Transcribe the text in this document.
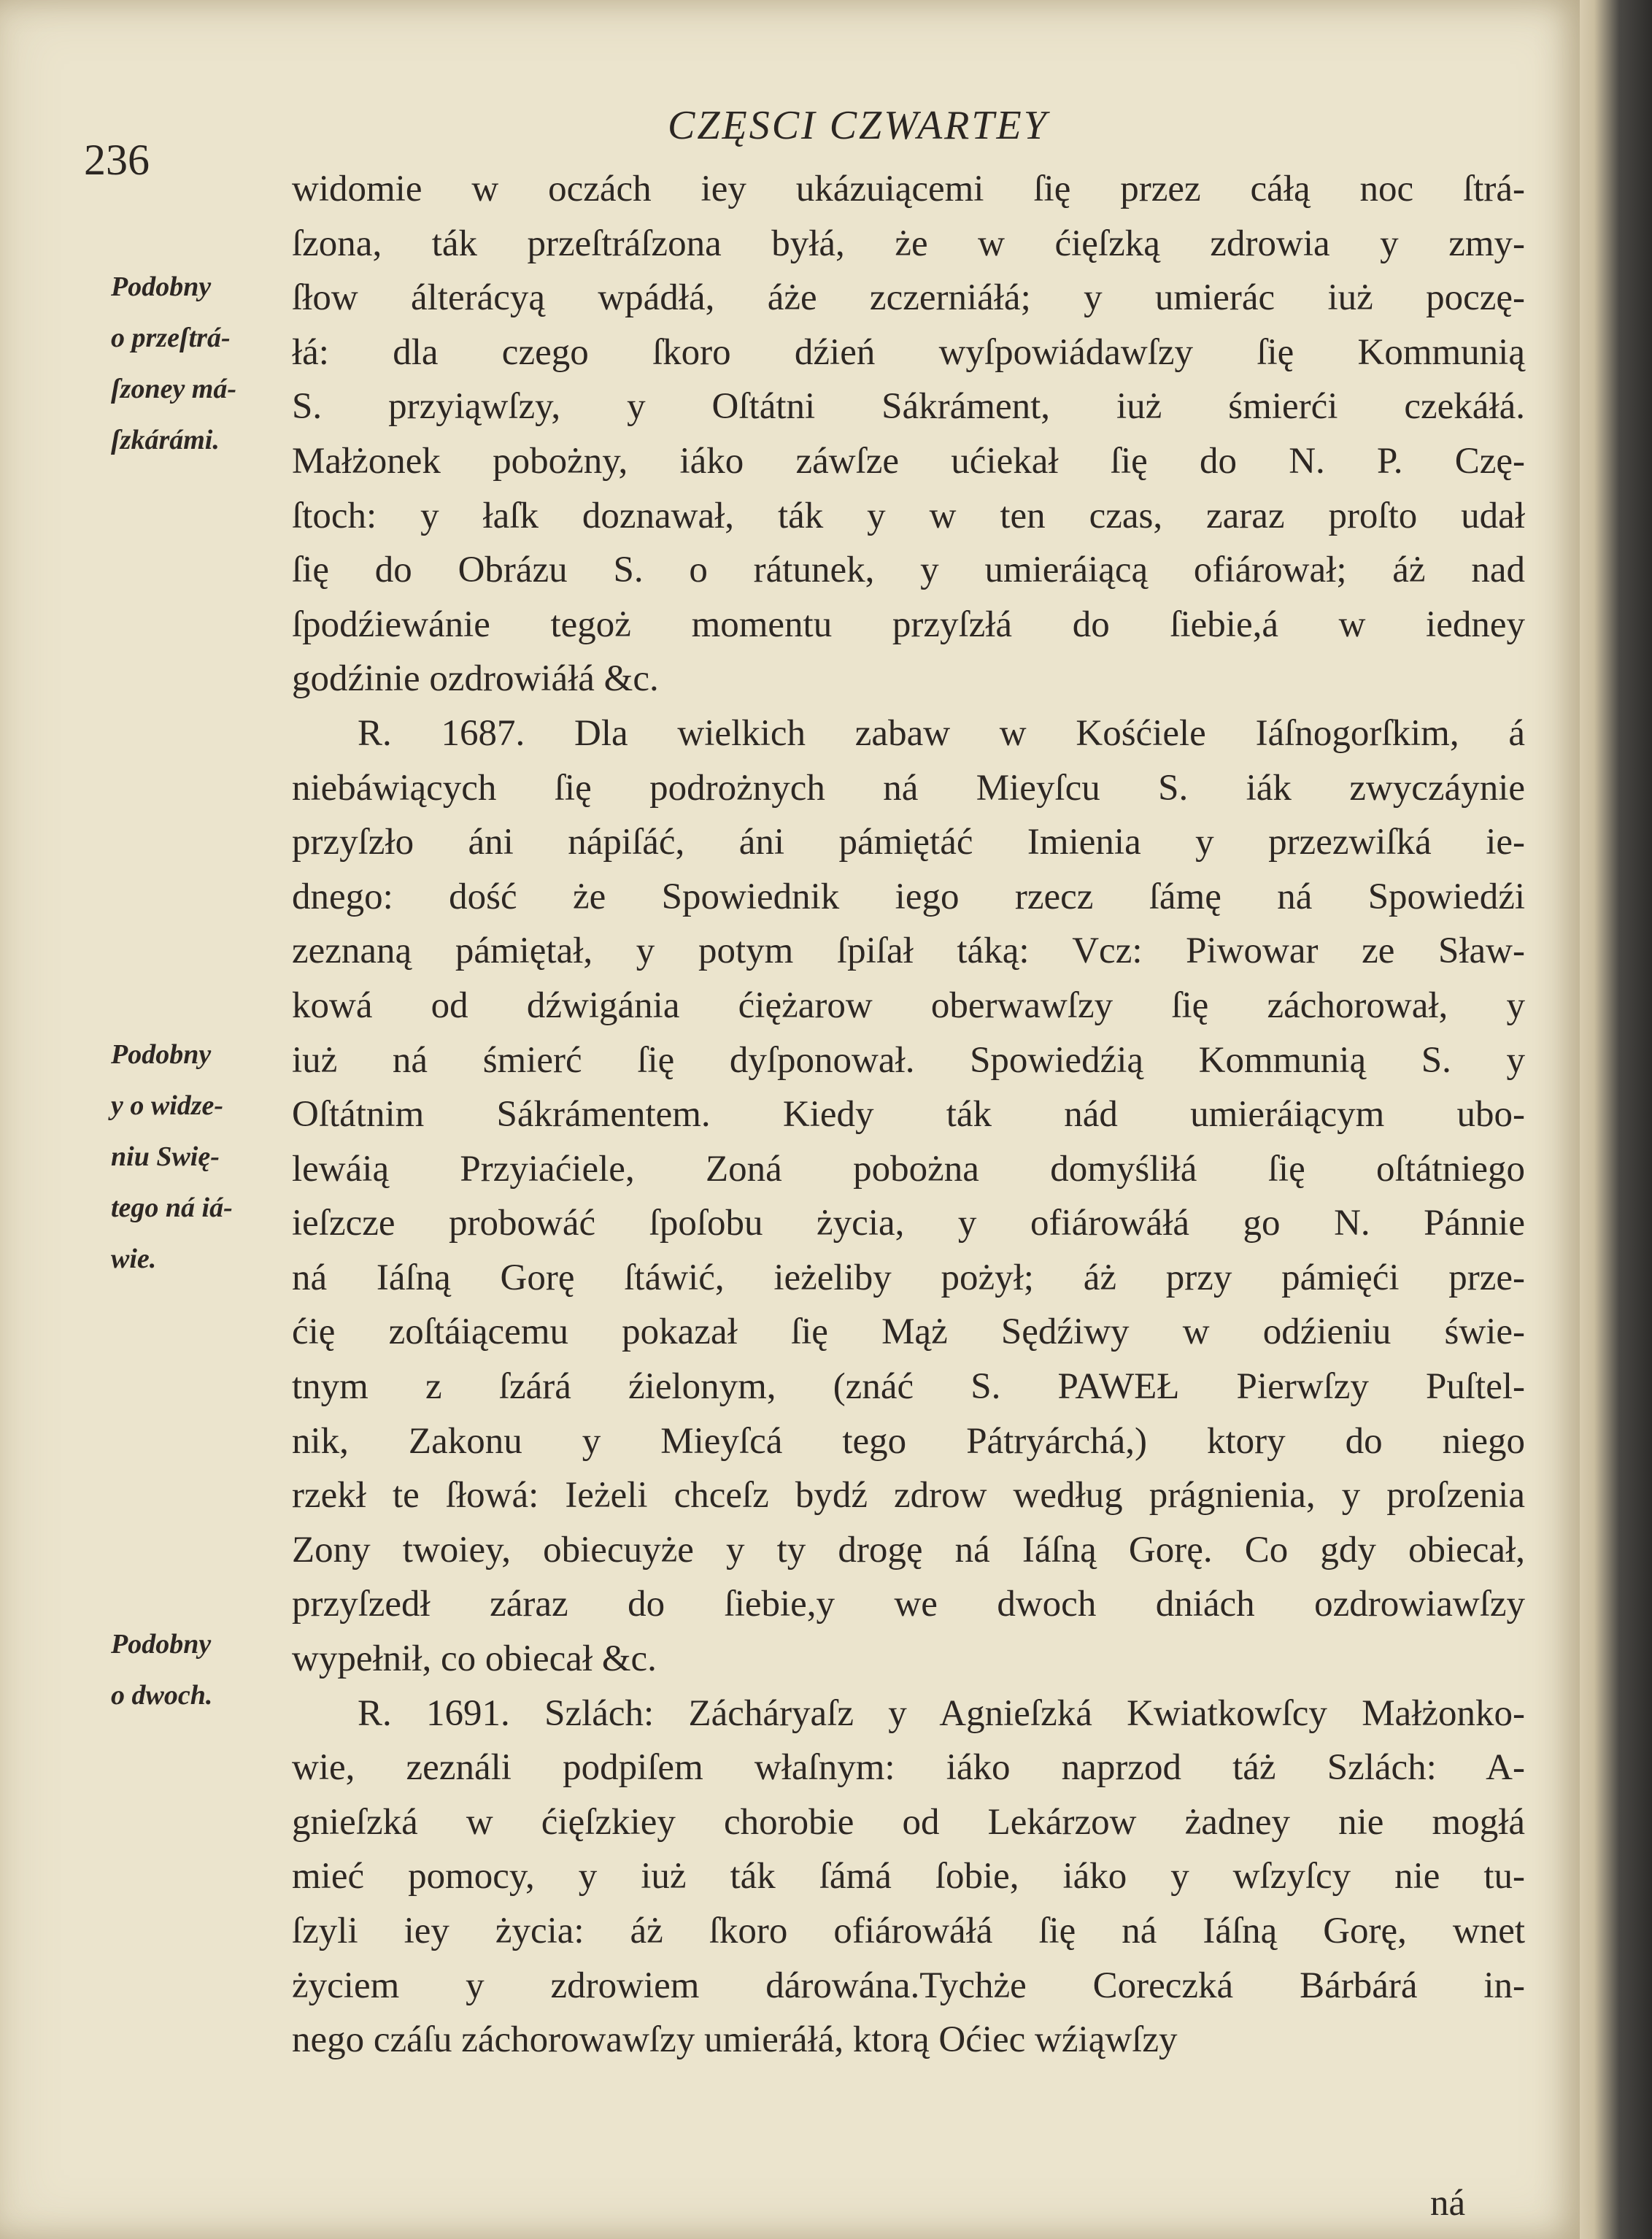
236
CZĘSCI CZWARTEY
widomie w oczách iey ukázuiącemi ſię przez cáłą noc ſtrá-
ſzona, ták przeſtráſzona byłá, że w ćięſzką zdrowia y zmy-
ſłow álterácyą wpádłá, áże zczerniáłá; y umierác iuż poczę-
łá: dla czego ſkoro dźień wyſpowiádawſzy ſię Kommunią
S. przyiąwſzy, y Oſtátni Sákráment, iuż śmierći czekáłá.
Małżonek pobożny, iáko záwſze ućiekał ſię do N. P. Czę-
ſtoch: y łaſk doznawał, ták y w ten czas, zaraz proſto udał
ſię do Obrázu S. o rátunek, y umieráiącą ofiárował; áż nad
ſpodźiewánie tegoż momentu przyſzłá do ſiebie,á w iedney
godźinie ozdrowiáłá &c.
R. 1687. Dla wielkich zabaw w Kośćiele Iáſnogorſkim, á
niebáwiących ſię podrożnych ná Mieyſcu S. iák zwyczáynie
przyſzło áni nápiſáć, áni pámiętáć Imienia y przezwiſká ie-
dnego: dość że Spowiednik iego rzecz ſámę ná Spowiedźi
zeznaną pámiętał, y potym ſpiſał táką: Vcz: Piwowar ze Sław-
kowá od dźwigánia ćiężarow oberwawſzy ſię záchorował, y
iuż ná śmierć ſię dyſponował. Spowiedźią Kommunią S. y
Oſtátnim Sákrámentem. Kiedy ták nád umieráiącym ubo-
lewáią Przyiaćiele, Zoná pobożna domyśliłá ſię oſtátniego
ieſzcze probowáć ſpoſobu życia, y ofiárowáłá go N. Pánnie
ná Iáſną Gorę ſtáwić, ieżeliby pożył; áż przy pámięći prze-
ćię zoſtáiącemu pokazał ſię Mąż Sędźiwy w odźieniu świe-
tnym z ſzárá źielonym, (znáć S. PAWEŁ Pierwſzy Puſtel-
nik, Zakonu y Mieyſcá tego Pátryárchá,) ktory do niego
rzekł te ſłowá: Ieżeli chceſz bydź zdrow według prágnienia, y proſzenia
Zony twoiey, obiecuyże y ty drogę ná Iáſną Gorę. Co gdy obiecał,
przyſzedł záraz do ſiebie,y we dwoch dniách ozdrowiawſzy
wypełnił, co obiecał &c.
R. 1691. Szlách: Zácháryaſz y Agnieſzká Kwiatkowſcy Małżonko-
wie, zeználi podpiſem właſnym: iáko naprzod táż Szlách: A-
gnieſzká w ćięſzkiey chorobie od Lekárzow żadney nie mogłá
mieć pomocy, y iuż ták ſámá ſobie, iáko y wſzyſcy nie tu-
ſzyli iey życia: áż ſkoro ofiárowáłá ſię ná Iáſną Gorę, wnet
życiem y zdrowiem dárowána.Tychże Coreczká Bárbárá in-
nego czáſu záchorowawſzy umieráłá, ktorą Oćiec wźiąwſzy
Podobny
o przeſtrá-
ſzoney má-
ſzkárámi.
Podobny
y o widze-
niu Swię-
tego ná iá-
wie.
Podobny
o dwoch.
ná
